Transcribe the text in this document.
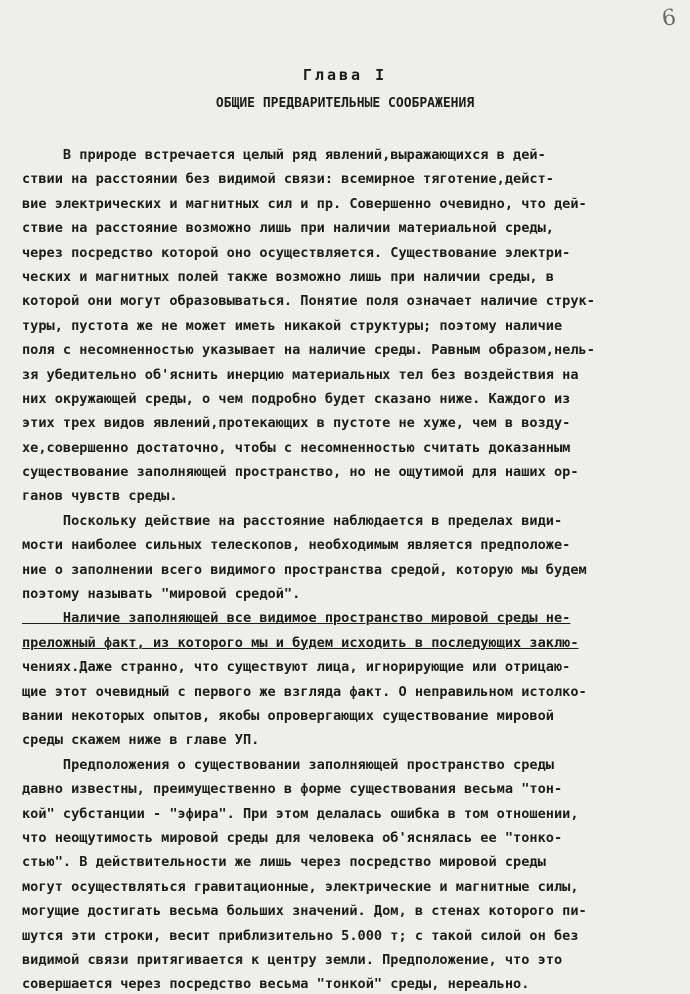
6
Глава I
ОБЩИЕ ПРЕДВАРИТЕЛЬНЫЕ СООБРАЖЕНИЯ
В природе встречается целый ряд явлений,выражающихся в дей-
ствии на расстоянии без видимой связи: всемирное тяготение,дейст-
вие электрических и магнитных сил и пр. Совершенно очевидно, что дей-
ствие на расстояние возможно лишь при наличии материальной среды,
через посредство которой оно осуществляется. Существование электри-
ческих и магнитных полей также возможно лишь при наличии среды, в
которой они могут образовываться. Понятие поля означает наличие струк-
туры, пустота же не может иметь никакой структуры; поэтому наличие
поля с несомненностью указывает на наличие среды. Равным образом,нель-
зя убедительно об'яснить инерцию материальных тел без воздействия на
них окружающей среды, о чем подробно будет сказано ниже. Каждого из
этих трех видов явлений,протекающих в пустоте не хуже, чем в возду-
хе,совершенно достаточно, чтобы с несомненностью считать доказанным
существование заполняющей пространство, но не ощутимой для наших ор-
ганов чувств среды.
Поскольку действие на расстояние наблюдается в пределах види-
мости наиболее сильных телескопов, необходимым является предположе-
ние о заполнении всего видимого пространства средой, которую мы будем
поэтому называть "мировой средой".
Наличие заполняющей все видимое пространство мировой среды не-
преложный факт, из которого мы и будем исходить в последующих заклю-
чениях.Даже странно, что существуют лица, игнорирующие или отрицаю-
щие этот очевидный с первого же взгляда факт. О неправильном истолко-
вании некоторых опытов, якобы опровергающих существование мировой
среды скажем ниже в главе УП.
Предположения о существовании заполняющей пространство среды
давно известны, преимущественно в форме существования весьма "тон-
кой" субстанции - "эфира". При этом делалась ошибка в том отношении,
что неощутимость мировой среды для человека об'яснялась ее "тонко-
стью". В действительности же лишь через посредство мировой среды
могут осуществляться гравитационные, электрические и магнитные силы,
могущие достигать весьма больших значений. Дом, в стенах которого пи-
шутся эти строки, весит приблизительно 5.000 т; с такой силой он без
видимой связи притягивается к центру земли. Предположение, что это
совершается через посредство весьма "тонкой" среды, нереально.
